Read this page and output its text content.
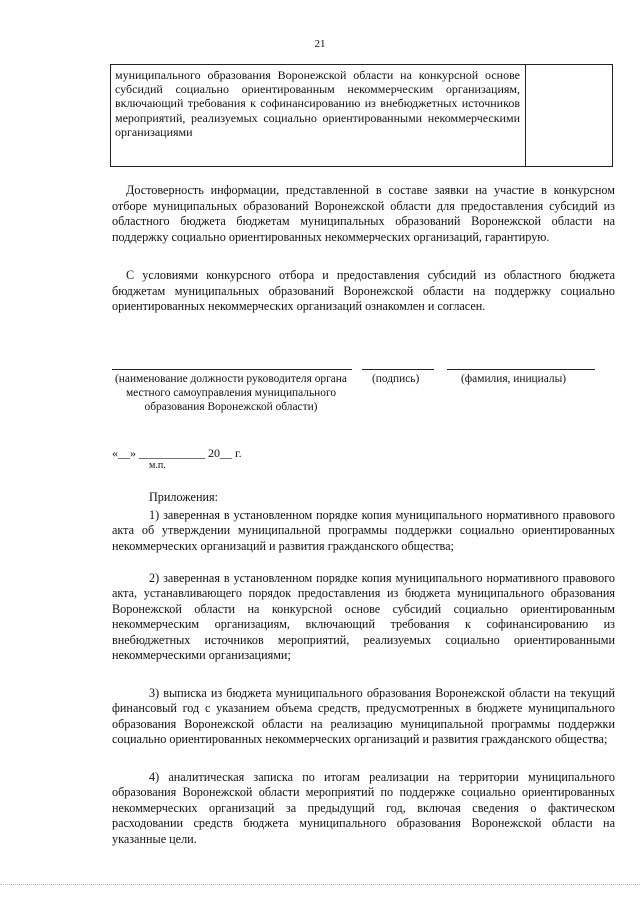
21
муниципального образования Воронежской области на конкурсной основе субсидий социально ориентированным некоммерческим организациям, включающий требования к софинансированию из внебюджетных источников мероприятий, реализуемых социально ориентированными некоммерческими организациями

Достоверность информации, представленной в составе заявки на участие в конкурсном отборе муниципальных образований Воронежской области для предоставления субсидий из областного бюджета бюджетам муниципальных образований Воронежской области на поддержку социально ориентированных некоммерческих организаций, гарантирую.

С условиями конкурсного отбора и предоставления субсидий из областного бюджета бюджетам муниципальных образований Воронежской области на поддержку социально ориентированных некоммерческих организаций ознакомлен и согласен.

(наименование должности руководителя органа местного самоуправления муниципального образования Воронежской области)
(подпись)	(фамилия, инициалы)
«__» ___________ 20__ г.
м.п.
Приложения:

1) заверенная в установленном порядке копия муниципального нормативного правового акта об утверждении муниципальной программы поддержки социально ориентированных некоммерческих организаций и развития гражданского общества;

2) заверенная в установленном порядке копия муниципального нормативного правового акта, устанавливающего порядок предоставления из бюджета муниципального образования Воронежской области на конкурсной основе субсидий социально ориентированным некоммерческим организациям, включающий требования к софинансированию из внебюджетных источников мероприятий, реализуемых социально ориентированными некоммерческими организациями;

3) выписка из бюджета муниципального образования Воронежской области на текущий финансовый год с указанием объема средств, предусмотренных в бюджете муниципального образования Воронежской области на реализацию муниципальной программы поддержки социально ориентированных некоммерческих организаций и развития гражданского общества;

4) аналитическая записка по итогам реализации на территории муниципального образования Воронежской области мероприятий по поддержке социально ориентированных некоммерческих организаций за предыдущий год, включая сведения о фактическом расходовании средств бюджета муниципального образования Воронежской области на указанные цели.
